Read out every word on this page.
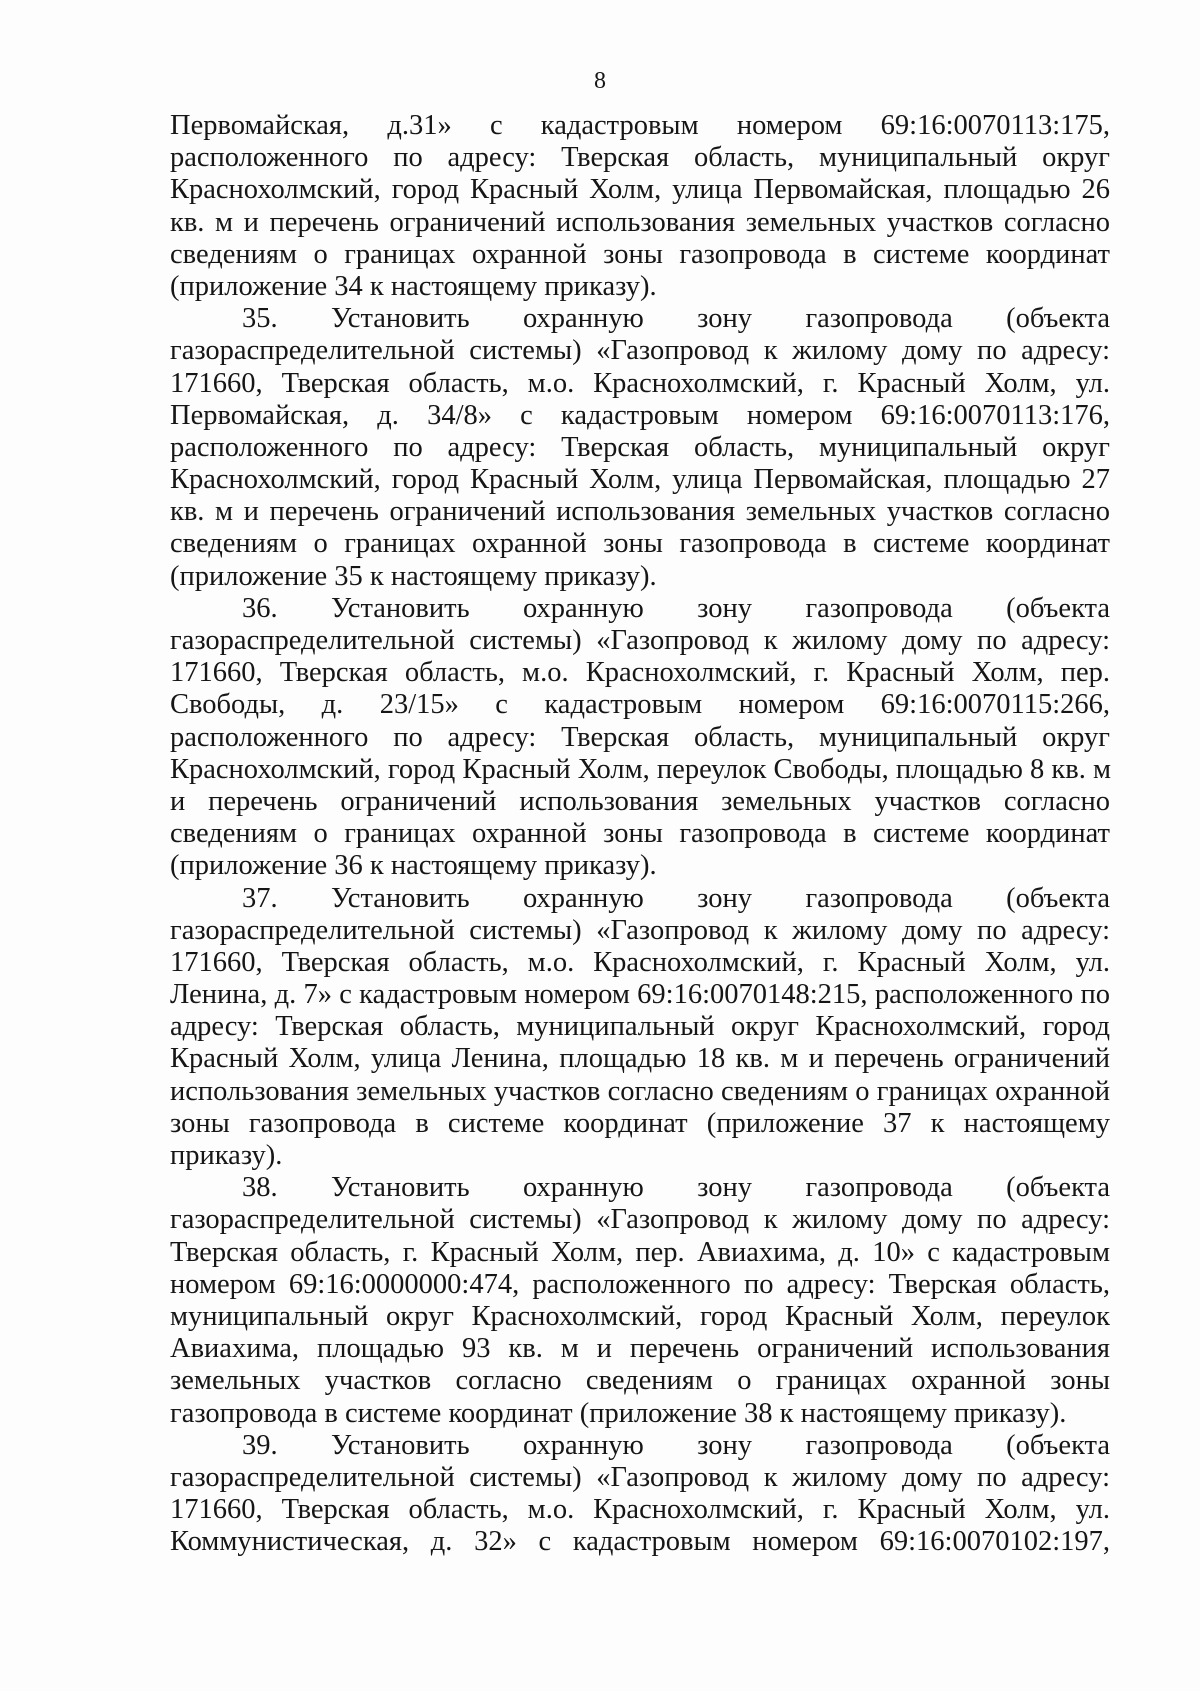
8
Первомайская, д.31» с кадастровым номером 69:16:0070113:175,
расположенного по адресу: Тверская область, муниципальный округ
Краснохолмский, город Красный Холм, улица Первомайская, площадью 26
кв. м и перечень ограничений использования земельных участков согласно
сведениям о границах охранной зоны газопровода в системе координат
(приложение 34 к настоящему приказу).
35. Установить охранную зону газопровода (объекта
газораспределительной системы) «Газопровод к жилому дому по адресу:
171660, Тверская область, м.о. Краснохолмский, г. Красный Холм, ул.
Первомайская, д. 34/8» с кадастровым номером 69:16:0070113:176,
расположенного по адресу: Тверская область, муниципальный округ
Краснохолмский, город Красный Холм, улица Первомайская, площадью 27
кв. м и перечень ограничений использования земельных участков согласно
сведениям о границах охранной зоны газопровода в системе координат
(приложение 35 к настоящему приказу).
36. Установить охранную зону газопровода (объекта
газораспределительной системы) «Газопровод к жилому дому по адресу:
171660, Тверская область, м.о. Краснохолмский, г. Красный Холм, пер.
Свободы, д. 23/15» с кадастровым номером 69:16:0070115:266,
расположенного по адресу: Тверская область, муниципальный округ
Краснохолмский, город Красный Холм, переулок Свободы, площадью 8 кв. м
и перечень ограничений использования земельных участков согласно
сведениям о границах охранной зоны газопровода в системе координат
(приложение 36 к настоящему приказу).
37. Установить охранную зону газопровода (объекта
газораспределительной системы) «Газопровод к жилому дому по адресу:
171660, Тверская область, м.о. Краснохолмский, г. Красный Холм, ул.
Ленина, д. 7» с кадастровым номером 69:16:0070148:215, расположенного по
адресу: Тверская область, муниципальный округ Краснохолмский, город
Красный Холм, улица Ленина, площадью 18 кв. м и перечень ограничений
использования земельных участков согласно сведениям о границах охранной
зоны газопровода в системе координат (приложение 37 к настоящему
приказу).
38. Установить охранную зону газопровода (объекта
газораспределительной системы) «Газопровод к жилому дому по адресу:
Тверская область, г. Красный Холм, пер. Авиахима, д. 10» с кадастровым
номером 69:16:0000000:474, расположенного по адресу: Тверская область,
муниципальный округ Краснохолмский, город Красный Холм, переулок
Авиахима, площадью 93 кв. м и перечень ограничений использования
земельных участков согласно сведениям о границах охранной зоны
газопровода в системе координат (приложение 38 к настоящему приказу).
39. Установить охранную зону газопровода (объекта
газораспределительной системы) «Газопровод к жилому дому по адресу:
171660, Тверская область, м.о. Краснохолмский, г. Красный Холм, ул.
Коммунистическая, д. 32» с кадастровым номером 69:16:0070102:197,
